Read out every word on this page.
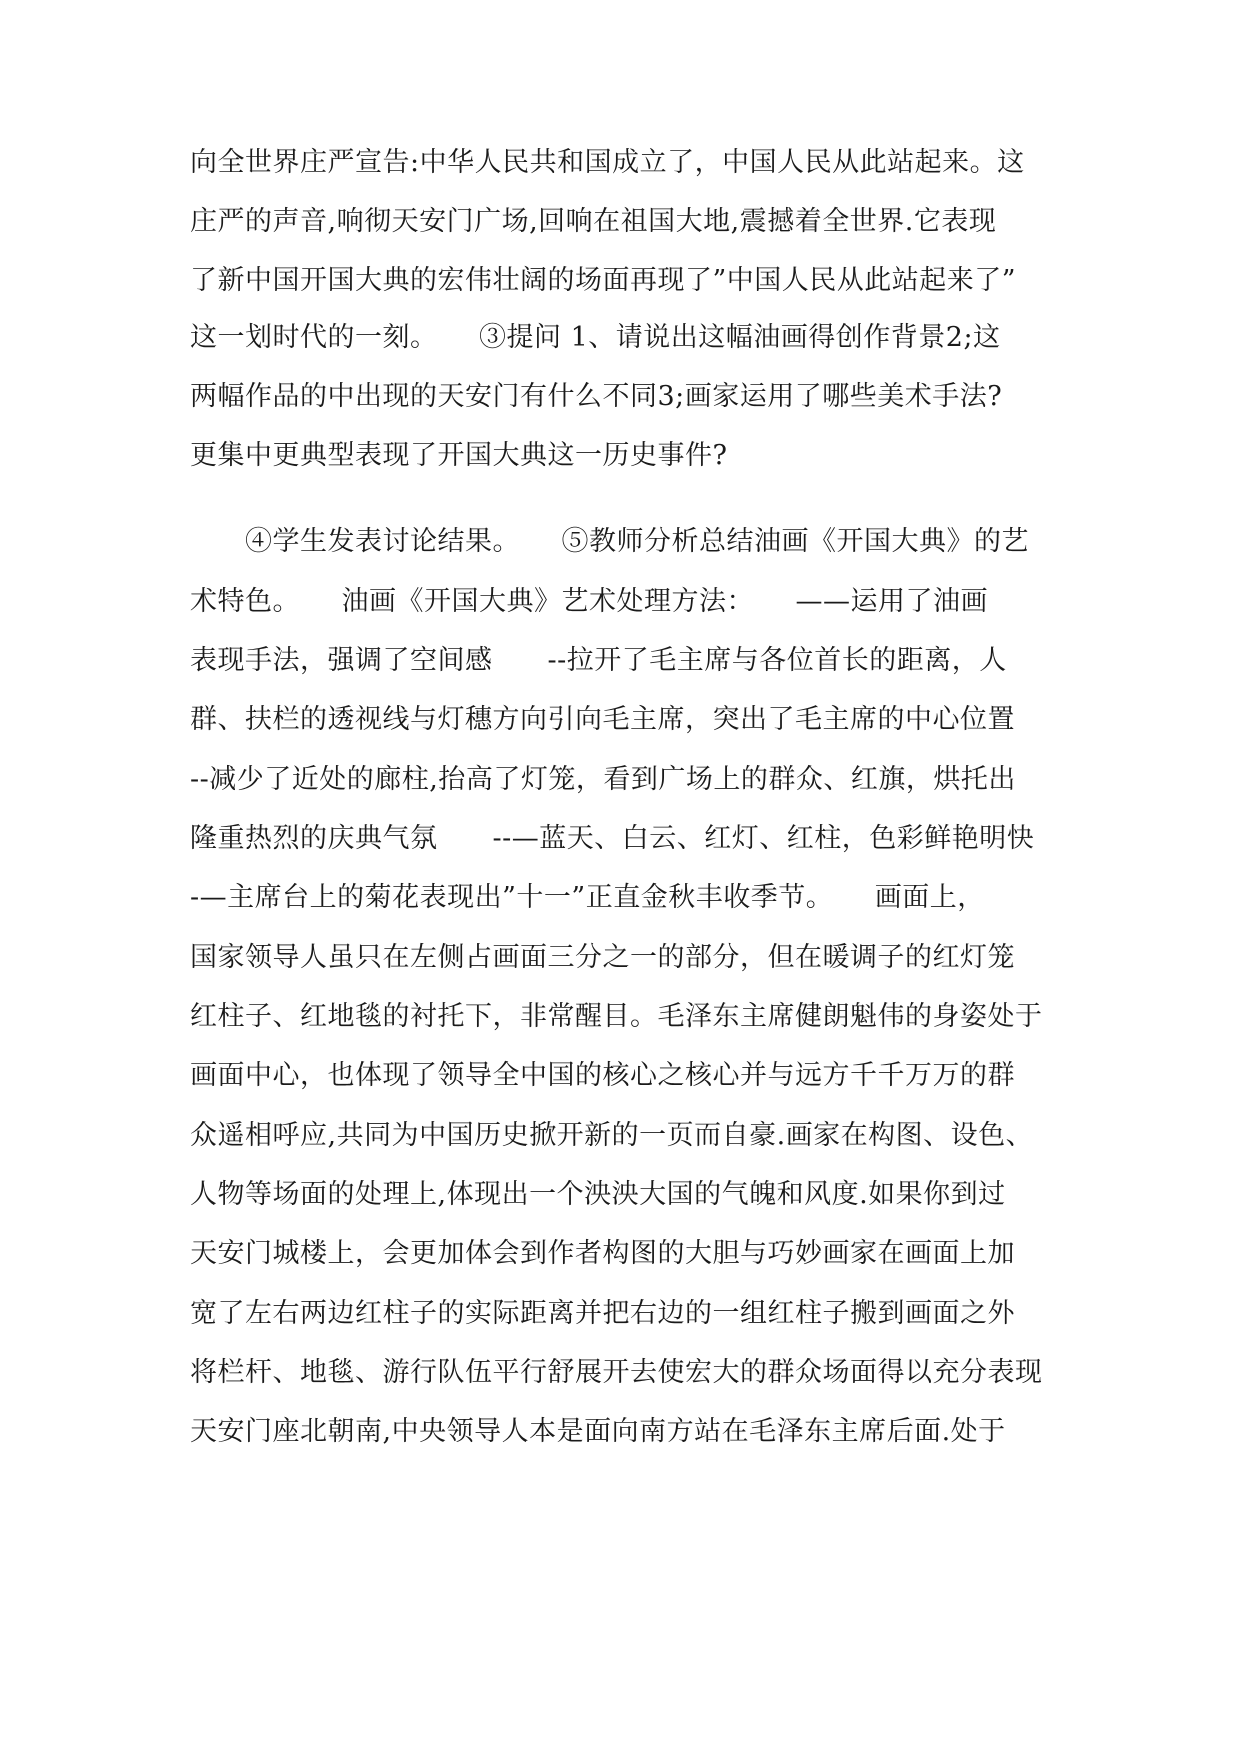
向全世界庄严宣告:中华人民共和国成立了，中国人民从此站起来。这

庄严的声音,响彻天安门广场,回响在祖国大地,震撼着全世界.它表现

了新中国开国大典的宏伟壮阔的场面再现了”中国人民从此站起来了”

这一划时代的一刻。　　③提问 1、请说出这幅油画得创作背景2;这

两幅作品的中出现的天安门有什么不同3;画家运用了哪些美术手法?

更集中更典型表现了开国大典这一历史事件?

　　④学生发表讨论结果。　　⑤教师分析总结油画《开国大典》的艺

术特色。　　油画《开国大典》艺术处理方法：　　——运用了油画

表现手法，强调了空间感　　--拉开了毛主席与各位首长的距离，人

群、扶栏的透视线与灯穗方向引向毛主席，突出了毛主席的中心位置

--减少了近处的廊柱,抬高了灯笼，看到广场上的群众、红旗，烘托出

隆重热烈的庆典气氛　　--—蓝天、白云、红灯、红柱，色彩鲜艳明快

-—主席台上的菊花表现出”十一”正直金秋丰收季节。　　画面上，

国家领导人虽只在左侧占画面三分之一的部分，但在暖调子的红灯笼

红柱子、红地毯的衬托下，非常醒目。毛泽东主席健朗魁伟的身姿处于

画面中心，也体现了领导全中国的核心之核心并与远方千千万万的群

众遥相呼应,共同为中国历史掀开新的一页而自豪.画家在构图、设色、

人物等场面的处理上,体现出一个泱泱大国的气魄和风度.如果你到过

天安门城楼上，会更加体会到作者构图的大胆与巧妙画家在画面上加

宽了左右两边红柱子的实际距离并把右边的一组红柱子搬到画面之外

将栏杆、地毯、游行队伍平行舒展开去使宏大的群众场面得以充分表现

天安门座北朝南,中央领导人本是面向南方站在毛泽东主席后面.处于
